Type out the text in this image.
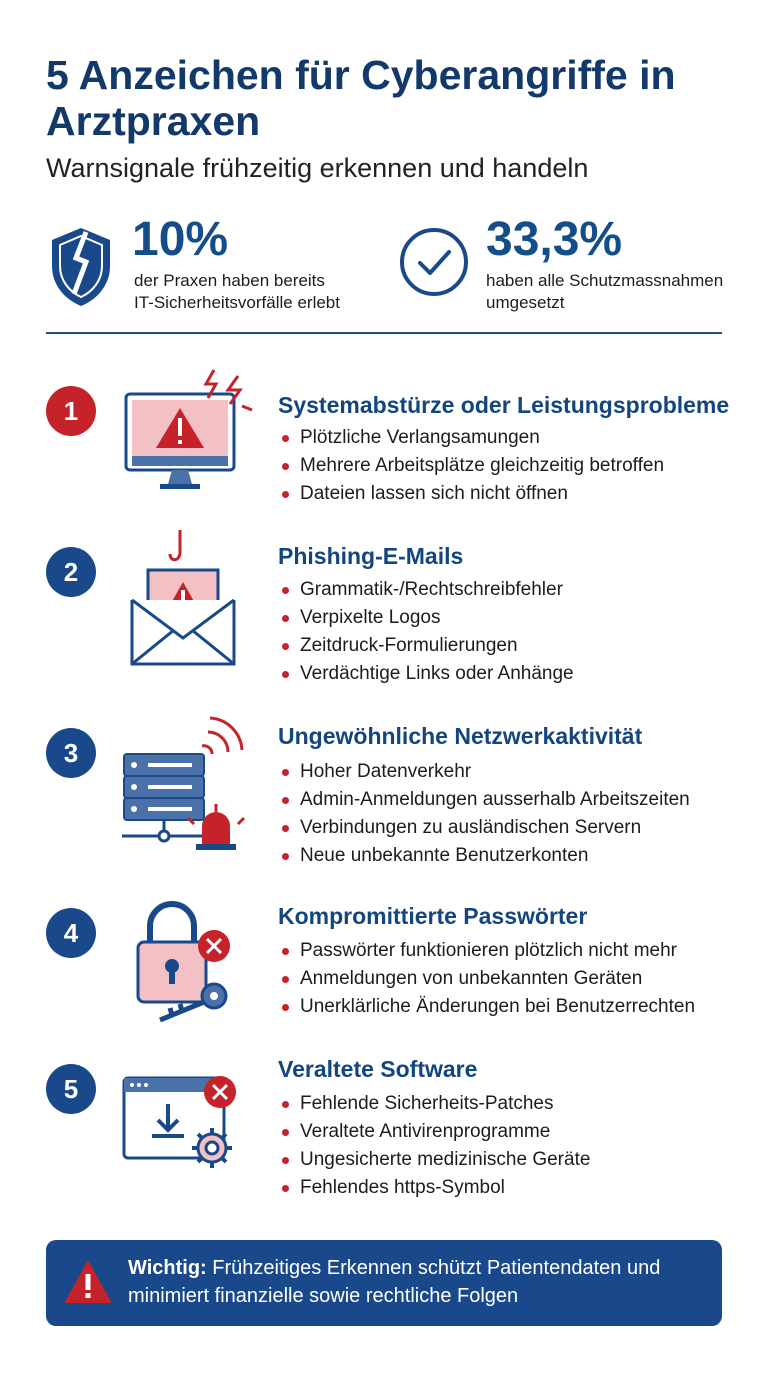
5 Anzeichen für Cyberangriffe in Arztpraxen
Warnsignale frühzeitig erkennen und handeln
10%
der Praxen haben bereits
IT-Sicherheitsvorfälle erlebt
33,3%
haben alle Schutzmassnahmen
umgesetzt
1	Systemabstürze oder Leistungsprobleme
Plötzliche Verlangsamungen
Mehrere Arbeitsplätze gleichzeitig betroffen
Dateien lassen sich nicht öffnen
2
Phishing-E-Mails
Grammatik-/Rechtschreibfehler
Verpixelte Logos
Zeitdruck-Formulierungen
Verdächtige Links oder Anhänge
3
Ungewöhnliche Netzwerkaktivität
Hoher Datenverkehr
Admin-Anmeldungen ausserhalb Arbeitszeiten
Verbindungen zu ausländischen Servern
Neue unbekannte Benutzerkonten
4
Kompromittierte Passwörter
Passwörter funktionieren plötzlich nicht mehr
Anmeldungen von unbekannten Geräten
Unerklärliche Änderungen bei Benutzerrechten
5
Veraltete Software
Fehlende Sicherheits-Patches
Veraltete Antivirenprogramme
Ungesicherte medizinische Geräte
Fehlendes https-Symbol
Wichtig: Frühzeitiges Erkennen schützt Patientendaten und minimiert finanzielle sowie rechtliche Folgen
